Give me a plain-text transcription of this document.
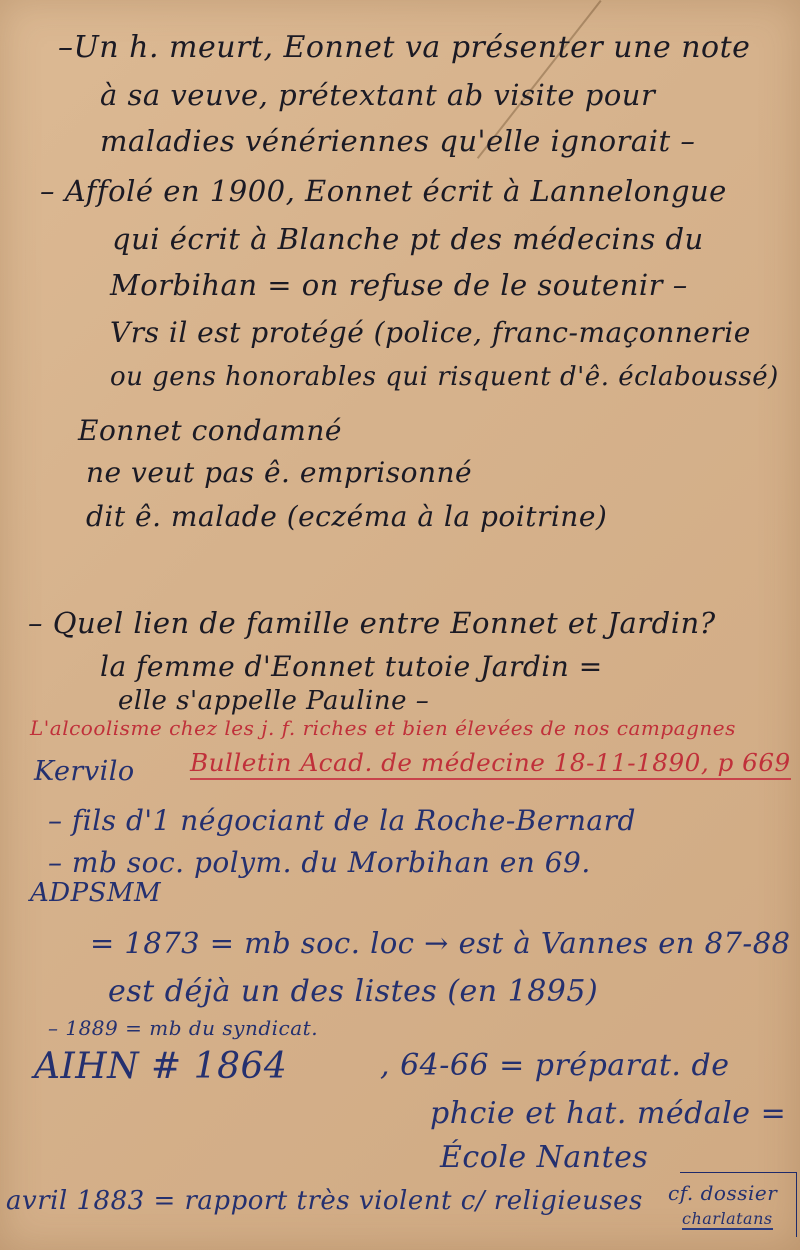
–Un h. meurt, Eonnet va présenter une note
à sa veuve, prétextant ab visite pour
maladies vénériennes qu'elle ignorait –
– Affolé en 1900, Eonnet écrit à Lannelongue
qui écrit à Blanche pt des médecins du
Morbihan = on refuse de le soutenir –
Vrs il est protégé (police, franc-maçonnerie
ou gens honorables qui risquent d'ê. éclaboussé)
Eonnet condamné
ne veut pas ê. emprisonné
dit ê. malade (eczéma à la poitrine)
– Quel lien de famille entre Eonnet et Jardin?
la femme d'Eonnet tutoie Jardin =
elle s'appelle Pauline –
L'alcoolisme chez les j. f. riches et bien élevées de nos campagnes
Kervilo Bulletin Acad. de médecine 18-11-1890, p 669
– fils d'1 négociant de la Roche-Bernard
– mb soc. polym. du Morbihan en 69.
ADPSMM
= 1873 = mb soc. loc → est à Vannes en 87-88
est déjà un des listes (en 1895)
– 1889 = mb du syndicat.
AIHN # 1864	, 64-66 = préparat. de
phcie et hat. médale =
École Nantes
avril 1883 = rapport très violent c/ religieuses cf. dossier
charlatans
